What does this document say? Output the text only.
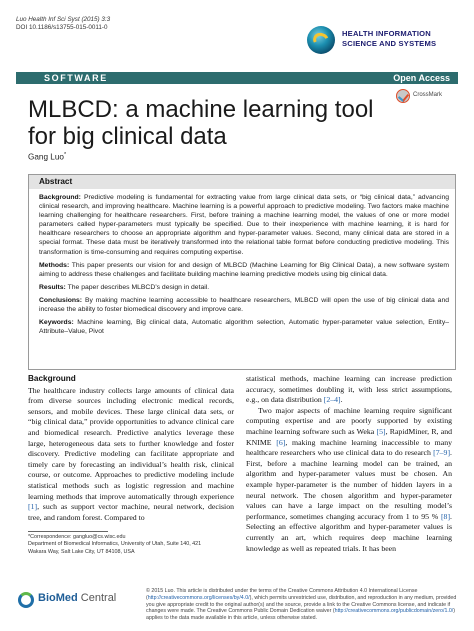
Luo Health Inf Sci Syst (2015) 3:3
DOI 10.1186/s13755-015-0011-0
HEALTH INFORMATION
SCIENCE AND SYSTEMS
SOFTWARE	Open Access
CrossMark
MLBCD: a machine learning tool for big clinical data
Gang Luo*
Abstract

Background: Predictive modeling is fundamental for extracting value from large clinical data sets, or “big clinical data,” advancing clinical research, and improving healthcare. Machine learning is a powerful approach to predictive modeling. Two factors make machine learning challenging for healthcare researchers. First, before training a machine learning model, the values of one or more model parameters called hyper-parameters must typically be specified. Due to their inexperience with machine learning, it is hard for healthcare researchers to choose an appropriate algorithm and hyper-parameter values. Second, many clinical data are stored in a special format. These data must be iteratively transformed into the relational table format before conducting predictive modeling. This transformation is time-consuming and requires computing expertise.

Methods: This paper presents our vision for and design of MLBCD (Machine Learning for Big Clinical Data), a new software system aiming to address these challenges and facilitate building machine learning predictive models using big clinical data.

Results: The paper describes MLBCD’s design in detail.

Conclusions: By making machine learning accessible to healthcare researchers, MLBCD will open the use of big clinical data and increase the ability to foster biomedical discovery and improve care.

Keywords: Machine learning, Big clinical data, Automatic algorithm selection, Automatic hyper-parameter value selection, Entity–Attribute–Value, Pivot

Background

The healthcare industry collects large amounts of clinical data from diverse sources including electronic medical records, sensors, and mobile devices. These large clinical data sets, or “big clinical data,” provide opportunities to advance clinical care and biomedical research. Predictive analytics leverage these large, heterogeneous data sets to further knowledge and foster discovery. Predictive modeling can facilitate appropriate and timely care by forecasting an individual’s health risk, clinical course, or outcome. Approaches to predictive modeling include statistical methods such as logistic regression and machine learning methods that improve automatically through experience [1], such as support vector machine, neural network, decision tree, and random forest. Compared to

statistical methods, machine learning can increase prediction accuracy, sometimes doubling it, with less strict assumptions, e.g., on data distribution [2–4].

Two major aspects of machine learning require significant computing expertise and are poorly supported by existing machine learning software such as Weka [5], RapidMiner, R, and KNIME [6], making machine learning inaccessible to many healthcare researchers who use clinical data to do research [7–9]. First, before a machine learning model can be trained, an algorithm and hyper-parameter values must be chosen. An example hyper-parameter is the number of hidden layers in a neural network. The chosen algorithm and hyper-parameter values can have a large impact on the resulting model’s performance, sometimes changing accuracy from 1 to 95 % [8]. Selecting an effective algorithm and hyper-parameter values is currently an art, which requires deep machine learning knowledge as well as repeated trials. It has been

*Correspondence: gangluo@cs.wisc.edu
Department of Biomedical Informatics, University of Utah, Suite 140, 421
Wakara Way, Salt Lake City, UT 84108, USA
BioMed Central
© 2015 Luo. This article is distributed under the terms of the Creative Commons Attribution 4.0 International License (http://creativecommons.org/licenses/by/4.0/), which permits unrestricted use, distribution, and reproduction in any medium, provided you give appropriate credit to the original author(s) and the source, provide a link to the Creative Commons license, and indicate if changes were made. The Creative Commons Public Domain Dedication waiver (http://creativecommons.org/publicdomain/zero/1.0/) applies to the data made available in this article, unless otherwise stated.
